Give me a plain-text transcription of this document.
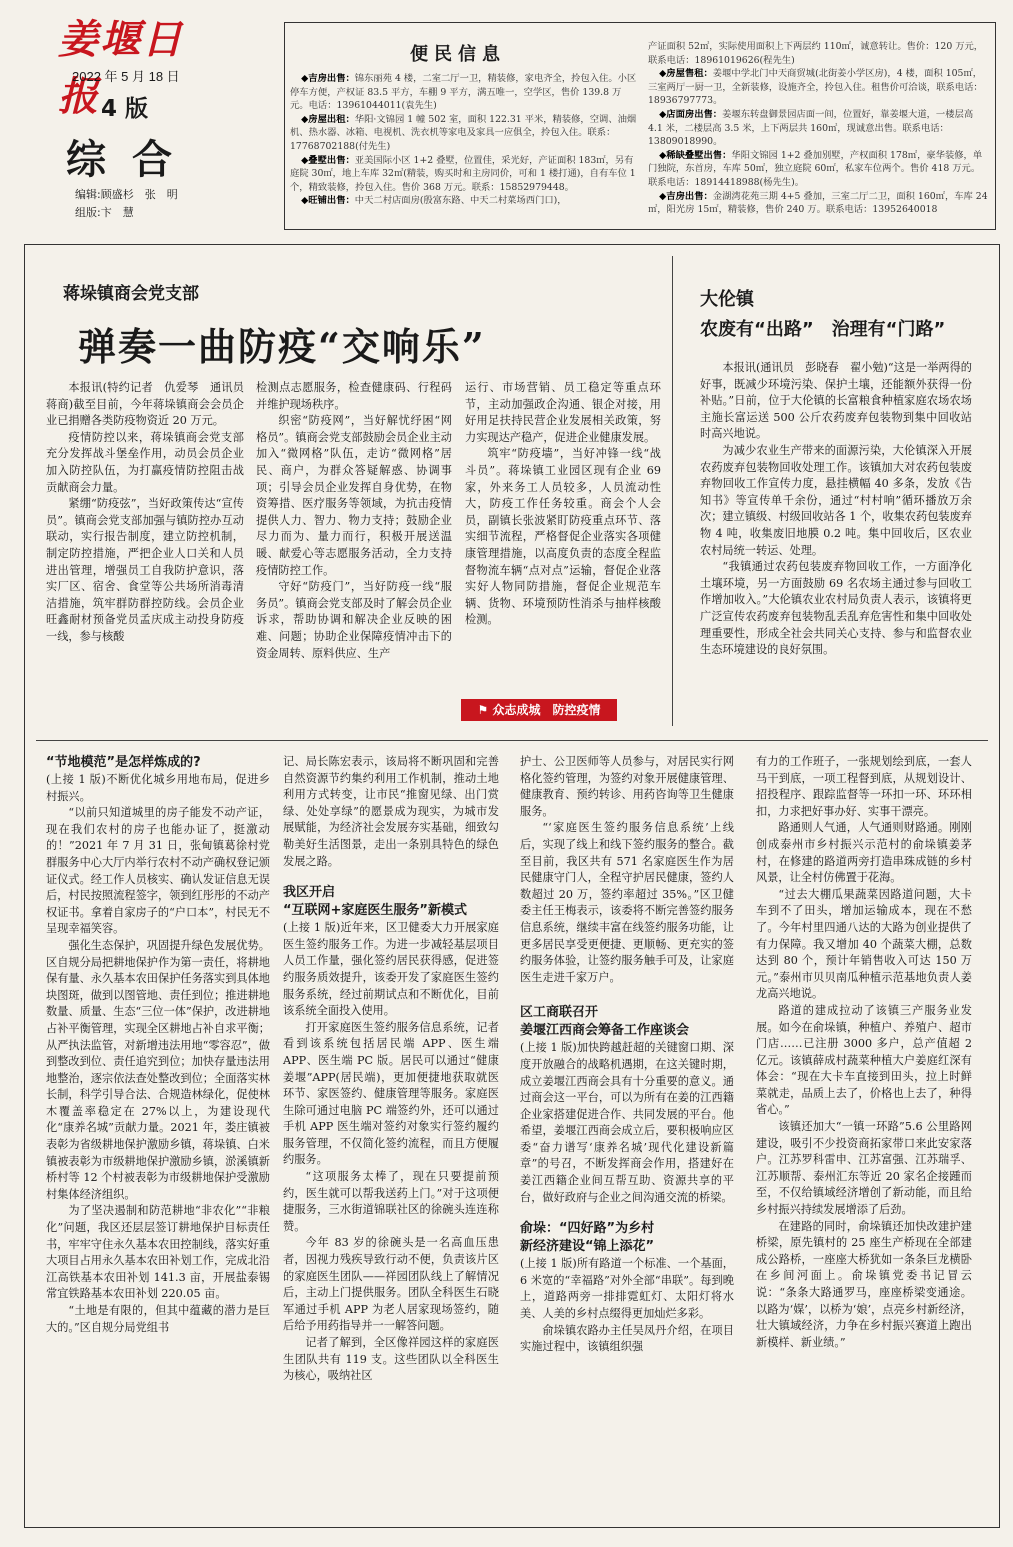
姜堰日报
2022 年 5 月 18 日
4 版
综合
编辑:顾盛杉　张　明
组版:卞　慧
便民信息

◆吉房出售：锦东丽苑 4 楼，二室二厅一卫，精装修，家电齐全，拎包入住。小区停车方便，产权证 83.5 平方，车棚 9 平方，满五唯一，空学区，售价 139.8 万元。电话：13961044011(袁先生)

◆房屋出租：华阳·文锦园 1 幢 502 室，面积 122.31 平米，精装修，空调、油烟机、热水器、冰箱、电视机、洗衣机等家电及家具一应俱全，拎包入住。联系：17768702188(付先生)

◆叠墅出售：亚美国际小区 1+2 叠墅，位置佳，采光好，产证面积 183㎡，另有庭院 30㎡，地上车库 32㎡(精装，购买时和主房同价，可和 1 楼打通)，自有车位 1 个，精致装修，拎包入住。售价 368 万元。联系：15852979448。

◆旺铺出售：中天二村店面房(殷富东路、中天二村菜场西门口)，

产证面积 52㎡，实际使用面积上下两层约 110㎡，诚意转让。售价：120 万元，联系电话：18961019626(程先生)

◆房屋售租：姜堰中学北门中天商贸城(北街姜小学区房)，4 楼，面积 105㎡，三室两厅一厨一卫，全新装修，设施齐全，拎包入住。租售价可洽谈，联系电话：18936797773。

◆店面房出售：姜堰东转盘御景园店面一间，位置好，靠姜堰大道，一楼层高 4.1 米，二楼层高 3.5 米，上下两层共 160㎡，现诚意出售。联系电话：13809018990。

◆稀缺叠墅出售：华阳文锦园 1+2 叠加别墅，产权面积 178㎡，豪华装修，单门独院，东首房，车库 50㎡，独立庭院 60㎡，私家车位两个。售价 418 万元。联系电话：18914418988(杨先生)。

◆吉房出售：金湖湾花苑三期 4+5 叠加，三室二厅二卫，面积 160㎡，车库 24㎡，阳光房 15㎡，精装修，售价 240 万。联系电话：13952640018

蒋垛镇商会党支部
弹奏一曲防疫“交响乐”

本报讯(特约记者　仇爱琴　通讯员　蒋商)截至目前，今年蒋垛镇商会会员企业已捐赠各类防疫物资近 20 万元。

疫情防控以来，蒋垛镇商会党支部充分发挥战斗堡垒作用，动员会员企业加入防控队伍，为打赢疫情防控阻击战贡献商会力量。

紧绷“防疫弦”，当好政策传达“宣传员”。镇商会党支部加强与镇防控办互动联动，实行报告制度，建立防控机制，制定防控措施，严把企业人口关和人员进出管理，增强员工自我防护意识，落实厂区、宿舍、食堂等公共场所消毒清洁措施，筑牢群防群控防线。会员企业旺鑫耐材预备党员孟庆成主动投身防疫一线，参与核酸

检测点志愿服务，检查健康码、行程码并维护现场秩序。

织密“防疫网”，当好解忧纾困“网格员”。镇商会党支部鼓励会员企业主动加入“微网格”队伍，走访“微网格”居民、商户，为群众答疑解惑、协调事项；引导会员企业发挥自身优势，在物资筹措、医疗服务等领域，为抗击疫情提供人力、智力、物力支持；鼓励企业尽力而为、量力而行，积极开展送温暖、献爱心等志愿服务活动，全力支持疫情防控工作。

守好“防疫门”，当好防疫一线“服务员”。镇商会党支部及时了解会员企业诉求，帮助协调和解决企业反映的困难、问题；协助企业保障疫情冲击下的资金周转、原料供应、生产

运行、市场营销、员工稳定等重点环节，主动加强政企沟通、银企对接，用好用足扶持民营企业发展相关政策，努力实现达产稳产，促进企业健康发展。

筑牢“防疫墙”，当好冲锋一线“战斗员”。蒋垛镇工业园区现有企业 69 家，外来务工人员较多，人员流动性大，防疫工作任务较重。商会个人会员，副镇长张波紧盯防疫重点环节、落实细节流程，严格督促企业落实各项健康管理措施，以高度负责的态度全程监督物流车辆“点对点”运输，督促企业落实好人物同防措施，督促企业规范车辆、货物、环境预防性消杀与抽样核酸检测。

⚑ 众志成城　防控疫情
大伦镇
农废有“出路”　治理有“门路”

本报讯(通讯员　彭晓春　翟小勉)“这是一举两得的好事，既减少环境污染、保护土壤，还能额外获得一份补贴。”日前，位于大伦镇的长富粮食种植家庭农场农场主施长富运送 500 公斤农药废弃包装物到集中回收站时高兴地说。

为减少农业生产带来的面源污染，大伦镇深入开展农药废弃包装物回收处理工作。该镇加大对农药包装废弃物回收工作宣传力度，悬挂横幅 40 多条，发放《告知书》等宣传单千余份，通过“村村响”循环播放万余次；建立镇级、村级回收站各 1 个，收集农药包装废弃物 4 吨，收集废旧地膜 0.2 吨。集中回收后，区农业农村局统一转运、处理。

“我镇通过农药包装废弃物回收工作，一方面净化土壤环境，另一方面鼓励 69 名农场主通过参与回收工作增加收入。”大伦镇农业农村局负责人表示，该镇将更广泛宣传农药废弃包装物乱丢乱弃危害性和集中回收处理重要性，形成全社会共同关心支持、参与和监督农业生态环境建设的良好氛围。

“节地模范”是怎样炼成的?

(上接 1 版)不断优化城乡用地布局，促进乡村振兴。

“以前只知道城里的房子能发不动产证，现在我们农村的房子也能办证了，挺激动的！”2021 年 7 月 31 日，张甸镇葛徐村党群服务中心大厅内举行农村不动产确权登记颁证仪式。经工作人员核实、确认发证信息无误后，村民按照流程签字，领到红彤彤的不动产权证书。拿着自家房子的“户口本”，村民无不呈现幸福笑容。

强化生态保护，巩固提升绿色发展优势。区自规分局把耕地保护作为第一责任，将耕地保有量、永久基本农田保护任务落实到具体地块图斑，做到以图管地、责任到位；推进耕地数量、质量、生态“三位一体”保护，改进耕地占补平衡管理，实现全区耕地占补自求平衡；从严执法监管，对新增违法用地“零容忍”，做到整改到位、责任追究到位；加快存量违法用地整治，逐宗依法查处整改到位；全面落实林长制，科学引导合法、合规造林绿化，促使林木覆盖率稳定在 27%以上，为建设现代化“康养名城”贡献力量。2021 年，娄庄镇被表彰为省级耕地保护激励乡镇，蒋垛镇、白米镇被表彰为市级耕地保护激励乡镇，淤溪镇新桥村等 12 个村被表彰为市级耕地保护受激励村集体经济组织。

为了坚决遏制和防范耕地“非农化”“非粮化”问题，我区还层层签订耕地保护目标责任书，牢牢守住永久基本农田控制线，落实好重大项目占用永久基本农田补划工作，完成北沿江高铁基本农田补划 141.3 亩，开展盐泰锡常宜铁路基本农田补划 220.05 亩。

“土地是有限的，但其中蕴藏的潜力是巨大的。”区自规分局党组书

记、局长陈宏表示，该局将不断巩固和完善自然资源节约集约利用工作机制，推动土地利用方式转变，让市民“推窗见绿、出门赏绿、处处享绿”的愿景成为现实，为城市发展赋能，为经济社会发展夯实基础，细致勾勒美好生活图景，走出一条别具特色的绿色发展之路。

我区开启
“互联网+家庭医生服务”新模式

(上接 1 版)近年来，区卫健委大力开展家庭医生签约服务工作。为进一步减轻基层项目人员工作量，强化签约居民获得感，促进签约服务质效提升，该委开发了家庭医生签约服务系统，经过前期试点和不断优化，目前该系统全面投入使用。

打开家庭医生签约服务信息系统，记者看到该系统包括居民端 APP、医生端 APP、医生端 PC 版。居民可以通过“健康姜堰”APP(居民端)，更加便捷地获取就医环节、家医签约、健康管理等服务。家庭医生除可通过电脑 PC 端签约外，还可以通过手机 APP 医生端对签约对象实行签约履约服务管理，不仅简化签约流程，而且方便履约服务。

“这项服务太棒了，现在只要提前预约，医生就可以帮我送药上门。”对于这项便捷服务，三水街道锦联社区的徐碗头连连称赞。

今年 83 岁的徐碗头是一名高血压患者，因视力残疾导致行动不便，负责该片区的家庭医生团队——祥园团队线上了解情况后，主动上门提供服务。团队全科医生石晓军通过手机 APP 为老人居家现场签约，随后给予用药指导并一一解答问题。

记者了解到，全区像祥园这样的家庭医生团队共有 119 支。这些团队以全科医生为核心，吸纳社区

护士、公卫医师等人员参与，对居民实行网格化签约管理，为签约对象开展健康管理、健康教育、预约转诊、用药咨询等卫生健康服务。

“‘家庭医生签约服务信息系统’上线后，实现了线上和线下签约服务的整合。截至目前，我区共有 571 名家庭医生作为居民健康守门人，全程守护居民健康，签约人数超过 20 万，签约率超过 35%。”区卫健委主任王梅表示，该委将不断完善签约服务信息系统，继续丰富在线签约服务功能，让更多居民享受更便捷、更顺畅、更充实的签约服务体验，让签约服务触手可及，让家庭医生走进千家万户。

区工商联召开
姜堰江西商会筹备工作座谈会

(上接 1 版)加快跨越赶超的关键窗口期、深度开放融合的战略机遇期，在这关键时期，成立姜堰江西商会具有十分重要的意义。通过商会这一平台，可以为所有在姜的江西籍企业家搭建促进合作、共同发展的平台。他希望，姜堰江西商会成立后，要积极响应区委“奋力谱写‘康养名城’现代化建设新篇章”的号召，不断发挥商会作用，搭建好在姜江西籍企业间互帮互助、资源共享的平台，做好政府与企业之间沟通交流的桥梁。

俞垛：“四好路”为乡村
新经济建设“锦上添花”

(上接 1 版)所有路道一个标准、一个基面，6 米宽的“幸福路”对外全部“串联”。每到晚上，道路两旁一排排霓虹灯、太阳灯将水美、人美的乡村点缀得更加灿烂多彩。

俞垛镇农路办主任吴凤丹介绍，在项目实施过程中，该镇组织强

有力的工作班子，一张规划绘到底，一套人马干到底，一项工程督到底，从规划设计、招投程序、跟踪监督等一环扣一环、环环相扣，力求把好事办好、实事干漂亮。

路通则人气通，人气通则财路通。刚刚创成泰州市乡村振兴示范村的俞垛镇姜茅村，在修建的路道两旁打造串珠成链的乡村风景，让全村仿佛置于花海。

“过去大棚瓜果蔬菜因路道问题，大卡车到不了田头，增加运输成本，现在不愁了。今年村里四通八达的大路为创业提供了有力保障。我又增加 40 个蔬菜大棚，总数达到 80 个，预计年销售收入可达 150 万元。”泰州市贝贝南瓜种植示范基地负责人姜龙高兴地说。

路道的建成拉动了该镇三产服务业发展。如今在俞垛镇，种植户、养殖户、超市门店……已注册 3000 多户，总产值超 2 亿元。该镇薛成村蔬菜种植大户姜庭红深有体会：“现在大卡车直接到田头，拉上时鲜菜就走，品质上去了，价格也上去了，种得省心。”

该镇还加大“一镇一环路”5.6 公里路网建设，吸引不少投资商拓家带口来此安家落户。江苏罗科雷申、江苏富强、江苏瑞孚、江苏顺帮、泰州汇东等近 20 家名企接踵而至，不仅给镇域经济增创了新动能，而且给乡村振兴持续发展增添了后劲。

在建路的同时，俞垛镇还加快改建护建桥梁，原先镇村的 25 座生产桥现在全部建成公路桥，一座座大桥犹如一条条巨龙横卧在乡间河面上。俞垛镇党委书记冒云说：“条条大路通罗马，座座桥梁变通途。以路为‘媒’，以桥为‘娘’，点亮乡村新经济，壮大镇域经济，力争在乡村振兴赛道上跑出新模样、新业绩。”
